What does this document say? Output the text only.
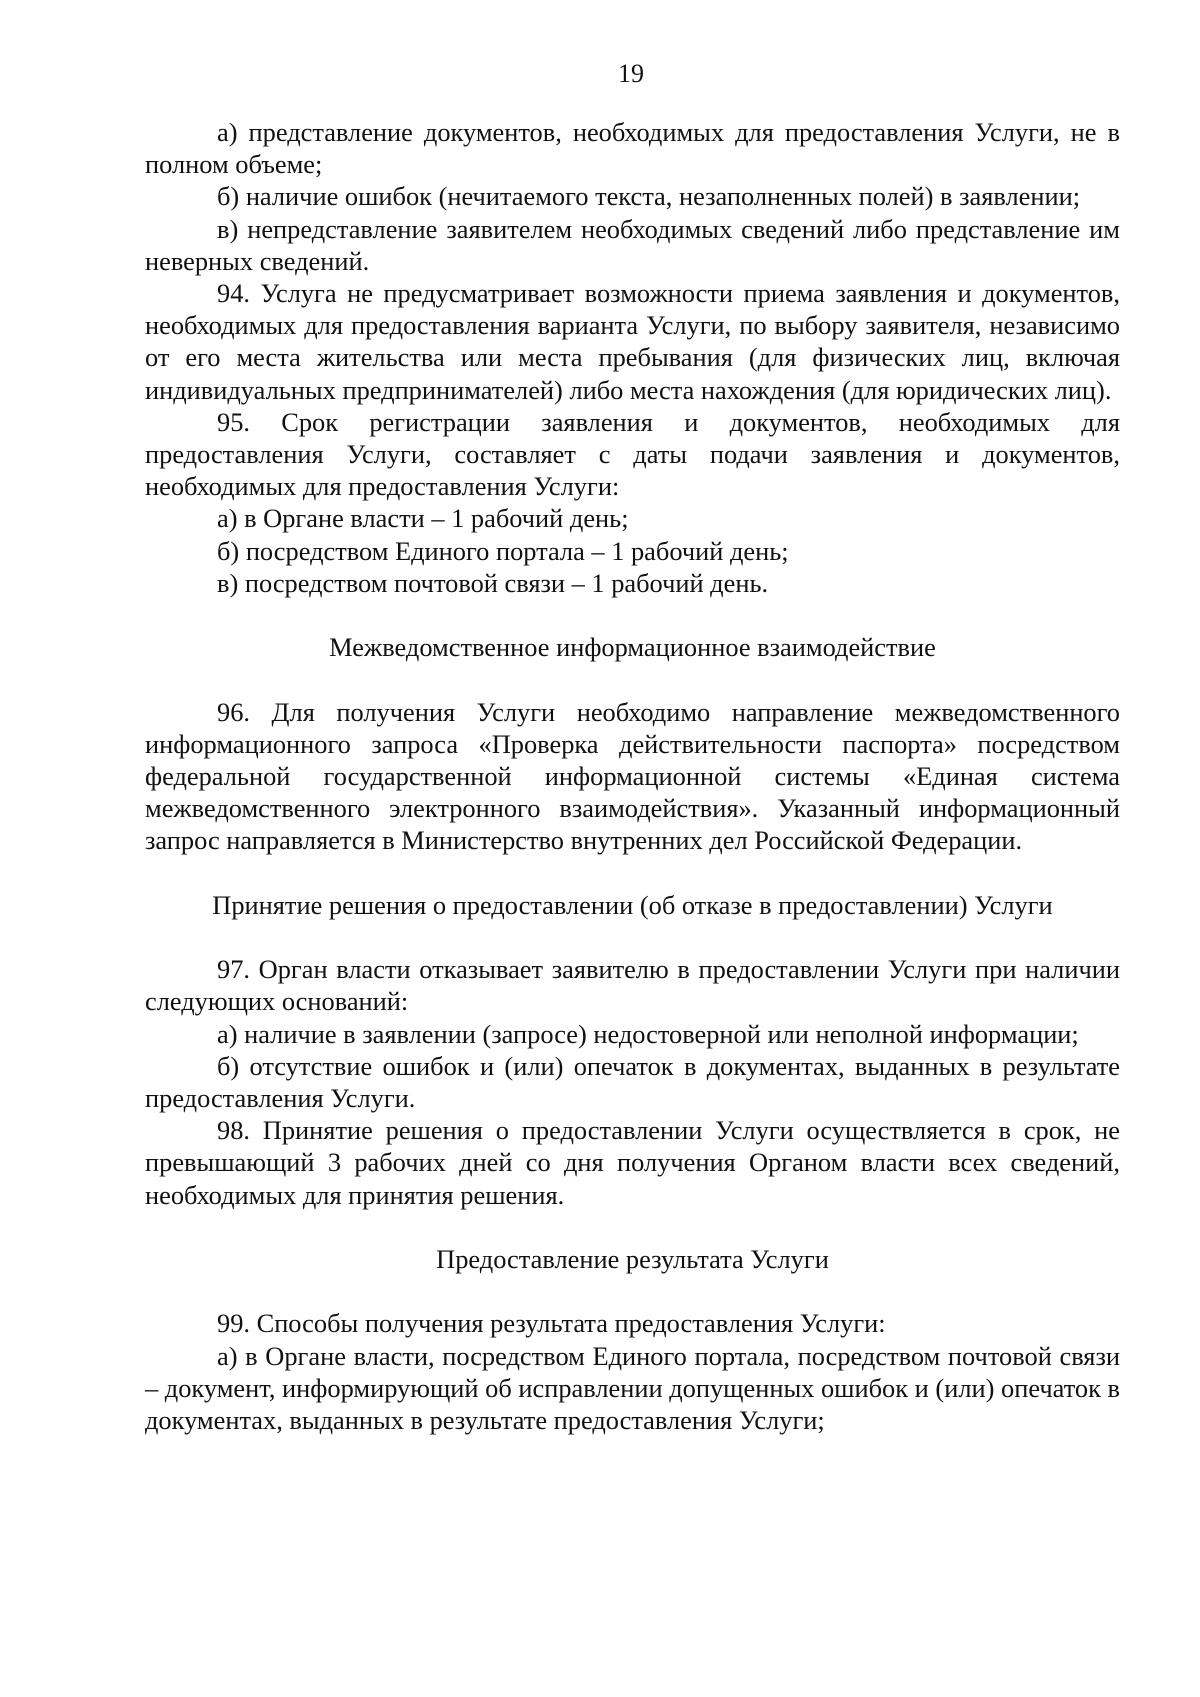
19

а) представление документов, необходимых для предоставления Услуги, не в полном объеме;

б) наличие ошибок (нечитаемого текста, незаполненных полей) в заявлении;

в) непредставление заявителем необходимых сведений либо представление им неверных сведений.

94. Услуга не предусматривает возможности приема заявления и документов, необходимых для предоставления варианта Услуги, по выбору заявителя, независимо от его места жительства или места пребывания (для физических лиц, включая индивидуальных предпринимателей) либо места нахождения (для юридических лиц).

95. Срок регистрации заявления и документов, необходимых для предоставления Услуги, составляет с даты подачи заявления и документов, необходимых для предоставления Услуги:

а) в Органе власти – 1 рабочий день;

б) посредством Единого портала – 1 рабочий день;

в) посредством почтовой связи – 1 рабочий день.

Межведомственное информационное взаимодействие

96. Для получения Услуги необходимо направление межведомственного информационного запроса «Проверка действительности паспорта» посредством федеральной государственной информационной системы «Единая система межведомственного электронного взаимодействия». Указанный информационный запрос направляется в Министерство внутренних дел Российской Федерации.

Принятие решения о предоставлении (об отказе в предоставлении) Услуги

97. Орган власти отказывает заявителю в предоставлении Услуги при наличии следующих оснований:

а) наличие в заявлении (запросе) недостоверной или неполной информации;

б) отсутствие ошибок и (или) опечаток в документах, выданных в результате предоставления Услуги.

98. Принятие решения о предоставлении Услуги осуществляется в срок, не превышающий 3 рабочих дней со дня получения Органом власти всех сведений, необходимых для принятия решения.

Предоставление результата Услуги

99. Способы получения результата предоставления Услуги:

а) в Органе власти, посредством Единого портала, посредством почтовой связи – документ, информирующий об исправлении допущенных ошибок и (или) опечаток в документах, выданных в результате предоставления Услуги;
